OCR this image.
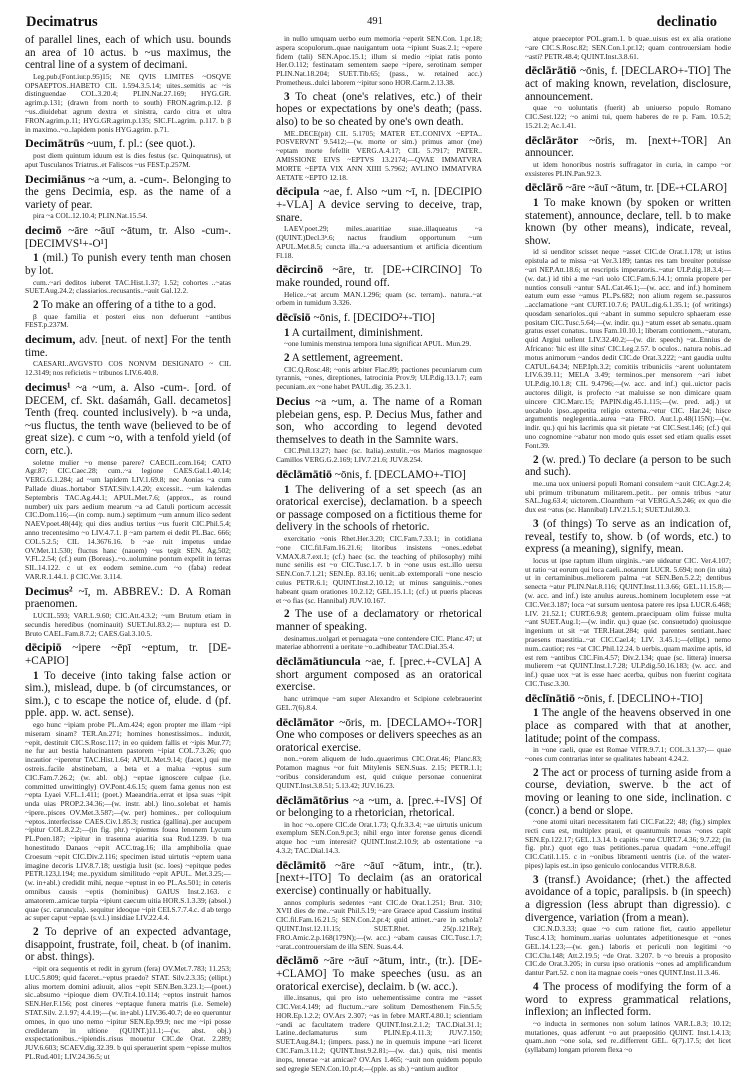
Decimatrus	491	declinatio

of parallel lines, each of which usu. bounds an area of 10 actus. b ~us maximus, the central line of a system of decimani.

Leg.pub.(Font.iur.p.95)15; NE QVIS LIMITES ~OSQVE OPSAEPTOS..HABETO CIL 1.594.3.5.14; uites..semitis ac ~is distinguendae COL.3.20.4; PLIN.Nat.27.169; HYG.GR. agrim.p.131; (drawn from north to south) FRON.agrim.p.12. β ~us..diuidebat agrum dextra et sinistra, cardo citra et ultra FRON.agrim.p.11; HYG.GR.agrim.p.135; SIC.FL.agrim. p.117. b β in maximo..~o..lapidem ponis HYG.agrim. p.71.

Decimātrūs ~uum, f. pl.: (see quot.).

post diem quintum iduum est is dies festus (sc. Quinquatrus), ut aput Tusculanos Triatrus..et Faliscos ~us FEST.p.257M.

Decimiānus ~a ~um, a. -cum-. Belonging to the gens Decimia, esp. as the name of a variety of pear.

pira ~a COL.12.10.4; PLIN.Nat.15.54.

decimō ~āre ~āuī ~ātum, tr. Also -cum-. [DECIMVS¹+-O¹]

1 (mil.) To punish every tenth man chosen by lot.

cum..~ari deditos iuberet TAC.Hist.1.37; 1.52; cohortes ..~atas SUET.Aug.24.2; classiarios..recusantis..~auit Gal.12.2.

2 To make an offering of a tithe to a god.

β quae familia et posteri eius non defuerunt ~antibus FEST.p.237M.

decimum, adv. [neut. of next] For the tenth time.

CAESARI..AVGVSTO COS NONVM DESIGNATO ~ CIL 12.3149; nos reficietis ~ tribunos LIV.6.40.8.

decimus¹ ~a ~um, a. Also -cum-. [ord. of DECEM, cf. Skt. daśamáh, Gall. decametos] Tenth (freq. counted inclusively). b ~a unda, ~us fluctus, the tenth wave (believed to be of great size). c cum ~o, with a tenfold yield (of corn, etc.).

soletne mulier ~o mense parere? CAECIL.com.164; CATO Agr.87; CIC.Caec.28; cum..~a legione CAES.Gal.1.40.14; VERG.G.1.284; ad ~um lapidem LIV.1.69.8; nec Aonias ~a cum Pallade diuas..hortabor STAT.Silv.1.4.20; excessit.. ~um kalendas Septembris TAC.Ag.44.1; APUL.Met.7.6; (approx., as round number) uix pars aedium mearum ~a ad Catuli porticum accessit CIC.Dom.116;—(in comp. num.) septimum ~um annum ilico sedent NAEV.poet.48(44); qui dies audius tertius ~us fuerit CIC.Phil.5.4; anno trecentesimo ~o LIV.4.7.1. β ~am partem ei dedit PL.Bac. 666; COL.5.2.5; CIL 14.3676.16. b ~ae ruit impetus undae OV.Met.11.530; fluctus hanc (nauem) ~us tegit SEN. Ag.502; V.FL.2.54; (cf.) eum (Boreas)..~o..uolumine pontum expelit in terras SIL.14.122. c ut ex eodem semine..cum ~o (faba) redeat VAR.R.1.44.1. β CIC.Ver. 3.114.

Decimus² ~ī, m. ABBREV.: D. A Roman praenomen.

LUCIL.593; VAR.L.9.60; CIC.Att.4.3.2; ~um Brutum etiam in secundis heredibus (nominauit) SUET.Jul.83.2;— nuptura est D. Bruto CAEL.Fam.8.7.2; CAES.Gal.3.10.5.

dēcipiō ~ipere ~ēpī ~eptum, tr. [DE-+CAPIO]

1 To deceive (into taking false action or sim.), mislead, dupe. b (of circumstances, or sim.), c to escape the notice of, elude. d (pf. pple. app. w. act. sense).

ego hunc ~ipiam probe PL.Am.424; egon propter me illam ~ipi miseram sinam? TER.An.271; homines honestissimos.. induxit, ~epit, destituit CIC.S.Rosc.117; in eo quidem fallis et ~ipis Mur.77; ne fur aut bestia halucinantem pastorem ~ipiat COL.7.3.26; quo incautior ~iperetur TAC.Hist.1.64; APUL.Met.9.14; (facet.) qui me ostreis..facile abstinebam, a beta et a malua ~eptus sum CIC.Fam.7.26.2; (w. abl. obj.) ~eptae ignoscere culpae (i.e. committed unwittingly) OV.Pont.4.6.15; quem fama genus non est ~epta Lyaei V.FL.1.411; (poet.) Maeandria..errat et ipsa suas ~ipit unda uias PROP.2.34.36;—(w. instr. abl.) lino..solebat et hamis ~ipere..pisces OV.Met.3.587;—(w. per) homines.. per colloquium ~eptos..interfecisse CAES.Civ.1.85.3; rustica (gallina)..per aucupem ~ipitur COL.8.2.2;—(in fig. phr.) ~ipiemus fouea lenonem Lycum PL.Poen.187; ~ipitur in trasenna auaritia sua Rud.1239. b tua honestitudo Danaos ~epit ACC.trag.16; illa amphibolia quae Croesum ~epit CIC.Div.2.116; specimen istud uirtutis ~eptem uana imagine decoris LIV.8.7.18; uestigia lusit (sc. loes) ~epitque pedes PETR.123,l.194; me..pyxidum similitudo ~epit APUL. Met.3.25;—(w. in+abl.) credidit mihi, neque ~eptust in eo PL.As.501; in ceteris omnibus causis ~eptis (hominibus) GAIUS Inst.2.163. c amatorem..amicae turpia ~ipiunt caecum uitia HOR.S.1.3.39; (absol.) quae (sc. caruncula).. sequitur ideoque ~ipit CELS.7.7.4.c. d ab tergo ac super caput ~eptae (s.v.l.) insidiae LIV.22.4.4.

2 To deprive of an expected advantage, disappoint, frustrate, foil, cheat. b (of inanim. or abst. things).

~ipit ora sequentis et redit in gyrum (fera) OV.Met.7.783; 11.253; LUC.5.809; quid faceret..~eptus praedo? STAT. Silv.2.3.35; (ellipt.) alius mortem domini adiuuit, alios ~epit SEN.Ben.3.23.1;—(poet.) sic..absumo ~ipioque diem OV.Tr.4.10.114; ~eptos instruit hamos SEN.Her.F.156; post cineres ~eptaque funera matris (i.e. Semele) STAT.Silv. 2.1.97; 4.4.19;—(w. in+abl.) LIV.36.40.7; de eo queruntur omnes, in quo uno nemo ~ipitur SEN.Ep.99.9; nec me ~ipi posse credideram in ultione (QUINT.)11.1;—(w. abst. obj.) exspectationibus..~ipiendis..risus mouetur CIC.de Orat. 2.289; JUV.6.603; SCAEV.dig.32.39. b qui sperauerint spem ~episse multos PL.Rud.401; LIV.24.36.5; ut

in nullo umquam uerbo eum memoria ~eperit SEN.Con. 1.pr.18; aspera scopulorum..quae nauigantum uota ~ipiunt Suas.2.1; ~epere fidem (tali) SEN.Apoc.15.1; illum si medio ~ipiat ratis ponto Her.O.112; festinatam sementem saepe ~ipere, serotinam semper PLIN.Nat.18.204; SUET.Tib.65; (pass., w. retained acc.) Prometheus..dulci laborem ~ipitur sono HOR.Carm.2.13.38.

3 To cheat (one's relatives, etc.) of their hopes or expectations by one's death; (pass. also) to be so cheated by one's own death.

ME..DECE(pit) CIL 5.1705; MATER ET..CONIVX ~EPTA.. POSVERVNT 9.5412;—(w. morte or sim.) primus amor (me) ~eptam morte fefellit VERG.A.4.17; CIL 5.7917; PATER.. AMISSIONE EIVS ~EPTVS 13.2174;—QVAE IMMATVRA MORTE ~EPTA VIX ANN XIIII 5.7962; AVLINO IMMATVRA AETATE ~EPTO 12.18.

dēcipula ~ae, f. Also ~um ~ī, n. [DECIPIO +-VLA] A device serving to deceive, trap, snare.

LAEV.poet.29; miles..auaritiae suae..illaqueatus ~a (QUINT.)Decl.3ᵇ.6; nactus fraudium opportunum ~um APUL.Met.8.5; cuncta illa..~a aduersantium et artificia dicentium Fl.18.

dēcircinō ~āre, tr. [DE-+CIRCINO] To make rounded, round off.

Helice..~at arcum MAN.1.296; quam (sc. terram).. natura..~at orbem in tumidum 3.326.

dēcīsiō ~ōnis, f. [DECIDO²+-TIO]

1 A curtailment, diminishment.

~one luminis menstrua tempora luna significat APUL. Mun.29.

2 A settlement, agreement.

CIC.Q.Rosc.48; ~onis arbiter Flac.89; pactiones pecuniarum cum tyrannis, ~ones, direptiones, latrocinia Prov.9; ULP.dig.13.1.7; eam pecuniam..ex ~one habet PAUL.dig. 35.2.3.1.

Decius ~a ~um, a. The name of a Roman plebeian gens, esp. P. Decius Mus, father and son, who according to legend devoted themselves to death in the Samnite wars.

CIC.Phil.13.27; haec (sc. Italia)..extulit..~os Marios magnosque Camillos VERG.G.2.169; LIV.7.21.6; JUV.8.254.

dēclāmātiō ~ōnis, f. [DECLAMO+-TIO]

1 The delivering of a set speech (as an oratorical exercise), declamation. b a speech or passage composed on a fictitious theme for delivery in the schools of rhetoric.

exercitatio ~onis Rhet.Her.3.20; CIC.Fam.7.33.1; in cotidiana ~one CIC.fil.Fam.16.21.6; litoribus insistens ~ones..edebat V.MAX.8.7.ext.1; (cf.) haec (sc. the teaching of philosophy) mihi nunc senilis est ~o CIC.Tusc.1.7. b in ~one usus est..illo uersu SEN.Con.7.1.21; SEN.Ep. 83.16; uenit..ab extemporali ~one nescio cuius PETR.6.1; QUINT.Inst.2.10.12; ut minus sanguinis..~ones habeant quam orationes 10.2.12; GEL.15.1.1; (cf.) ut pueris placeas et ~o fias (sc. Hannibal) JUV.10.167.

2 The use of a declamatory or rhetorical manner of speaking.

desinamus..uolgari et peruagata ~one contendere CIC. Planc.47; ut materiae abhorrenti a ueritate ~o..adhibeatur TAC.Dial.35.4.

dēclāmātiuncula ~ae, f. [prec.+-CVLA] A short argument composed as an oratorical exercise.

hanc utrimque ~am super Alexandro et Scipione celebrauerint GEL.7(6).8.4.

dēclāmātor ~ōris, m. [DECLAMO+-TOR] One who composes or delivers speeches as an oratorical exercise.

non..~orem aliquem de ludo..quaerimus CIC.Orat.46; Planc.83; Potamon magnus ~or fuit Mitylenis SEN.Suas. 2.15; PETR.1.1; ~oribus considerandum est, quid cuique personae conuenirat QUINT.Inst.3.8.51; 5.13.42; JUV.16.23.

dēclāmātōrius ~a ~um, a. [prec.+-IVS] Of or belonging to a rhetorician, rhetorical.

in hoc ~o..opere CIC.de Orat.1.73; Q.fr.3.3.4; ~ae uirtutis unicum exemplum SEN.Con.9.pr.3; nihil ergo inter forense genus dicendi atque hoc ~um interesit? QUINT.Inst.2.10.9; ab ostentatione ~a 4.3.2; TAC.Dial.14.3.

dēclāmitō ~āre ~āuī ~ātum, intr., (tr.). [next+-ITO] To declaim (as an oratorical exercise) continually or habitually.

annos compluris sedentes ~ant CIC.de Orat.1.251; Brut. 310; XVII dies de me..~auit Phil.5.19; ~are Graece apud Cassium institui CIC.fil.Fam.16.21.5; SEN.Con.2.pr.4; quid attinet..~are in schola? QUINT.Inst.12.11.15; SUET.Rhet. 25(p.121Re); FRO.Amic.2.p.168(179N);—(w. acc.) ~abam causas CIC.Tusc.1.7; ~arat..controuersiam de illa SEN. Suas.4.4.

dēclāmō ~āre ~āuī ~ātum, intr., (tr.). [DE-+CLAMO] To make speeches (usu. as an oratorical exercise), declaim. b (w. acc.).

ille..insanus, qui pro isto uehementissime contra me ~asset CIC.Ver.4.149; ad fluctum..~are solitum Demosthenem Fin.5.5; HOR.Ep.1.2.2; OV.Ars 2.307; ~as in febre MART.4.80.1; scientiam ~andi ac facultatem tradere QUINT.Inst.2.1.2; TAC.Dial.31.1; Latine..declamaturus sum PLIN.Ep.4.11.3; JUV.7.150; SUET.Aug.84.1; (impers. pass.) ne in quemuis impune ~ari liceret CIC.Fam.3.11.2; QUINT.Inst.9.2.81;—(w. dat.) quis, nisi mentis inops, tenerae ~at amicae? OV.Ars 1.465; ~auit non quidem populo sed egregie SEN.Con.10.pr.4;—(pple. as sb.) ~antium auditor

atque praeceptor POL.gram.1. b quae..uisus est ex alia oratione ~are CIC.S.Rosc.82; SEN.Con.1.pr.12; quam controuersiam hodie ~asti? PETR.48.4; QUINT.Inst.3.8.61.

dēclārātiō ~ōnis, f. [DECLARO+-TIO] The act of making known, revelation, disclosure, announcement.

quae ~o uoluntatis (fuerit) ab uniuerso populo Romano CIC.Sest.122; ~o animi tui, quem haberes de re p. Fam. 10.5.2; 15.21.2; Ac.1.41.

dēclārātor ~ōris, m. [next+-TOR] An announcer.

ut idem honoribus nostris suffragator in curia, in campo ~or exsisteres PLIN.Pan.92.3.

dēclārō ~āre ~āuī ~ātum, tr. [DE-+CLARO]

1 To make known (by spoken or written statement), announce, declare, tell. b to make known (by other means), indicate, reveal, show.

id si uenditor scisset neque ~asset CIC.de Orat.1.178; ut istius epistula ad te missa ~at Ver.3.189; tantas res tam breuiter potuisse ~ari NEP.Att.18.6; ut rescriptis imperatoris..~atur ULP.dig.18.3.4;—(w. dat.) id tibi a me ~ari uolo CIC.Fam.6.14.1; omnia propere per nuntios consuli ~antur SAL.Cat.46.1;—(w. acc. and inf.) hominem eatum eum esse ~amus PL.Ps.682; non alium regem se..passuros ..acclamatione ~ant CURT.10.7.6; PAUL.dig.6.1.35.1; (of writings) quosdam senariolos..qui ~abant in summo sepulcro sphaeram esse positam CIC.Tusc.5.64;—(w. indir. qu.) ~atum esset ab senatu..quam gratus esset conatus.. tuus Fam.10.10.1; liberam contionem..~aturam, quid Argiui uellent LIV.32.40.2;—(w. dir. speech) ~at..Ennius de Africano: 'hic est ille situs' CIC.Leg.2.57. b oculos.. natura nobis..ad motus animorum ~andos dedit CIC.de Orat.3.222; ~ant gaudia uultu CATUL.64.34; NEP.Iph.3.2; comitiis tribuniciis ~arent uoluntatem LIV.6.39.11; MELA 3.49; terminos..per mensorem ~ari iubet ULP.dig.10.1.8; CIL 9.4796;—(w. acc. and inf.) qui..uictor pacis auctores diligit, is profecto ~at maluisse se non dimicare quam uincere CIC.Marc.15; PAPIN.dig.45.1.115;—(w. pred. adj.) ut uocabulo ipso..appetita religio externa..~etur CIC. Har.24; hisce argumentis neglegentia..aurea ~ata FRO. Aur.1.p.48(115N);—(w. indir. qu.) qui his lacrimis qua sit pietate ~at CIC.Sest.146; (cf.) qui uno cognomine ~abatur non modo quis esset sed etiam qualis esset Font.39.

2 (w. pred.) To declare (a person to be such and such).

me..una uox uniuersi populi Romani consulem ~auit CIC.Agr.2.4; ubi primum tribunatum militarem..petit.. per omnis tribus ~atur SAL.Jug.63.4; uictorem..Cloanthum ~at VERG.A.5.246; ex quo die dux est ~atus (sc. Hannibal) LIV.21.5.1; SUET.Jul.80.3.

3 (of things) To serve as an indication of, reveal, testify to, show. b (of words, etc.) to express (a meaning), signify, mean.

locus ut ipse raptum illum uirginis..~are uideatur CIC. Ver.4.107; ut ratio ~at eorum qui loca caeli..notarunt LUCR. 5.694; non (in uita) ut in certaminibus..meliorem palma ~at SEN.Ben.5.2.2; dentibus senecta ~atur PLIN.Nat.8.116; QUINT.Inst.11.3.66; GEL.11.15.8;—(w. acc. and inf.) iste anulus aureus..hominem locupletem esse ~at CIC.Ver.3.187; loca ~at sursum uentosa patere res ipsa LUCR.6.468; LIV. 21.52.1; CURT.6.9.8; gentem..praecipuam olim fuisse multa ~ant SUET.Aug.1;—(w. indir. qu.) quae (sc. consuetudo) quoiusque ingenium ut sit ~at TER.Haut.284; quid parentes sentiant..haec praesens maestitia..~at CIC.Cael.4; LIV. 3.45.1;—(ellipt.) nemo num..cautior; res ~at CIC.Phil.12.24. b uerbis..quam maxime aptis, id est rem ~antibus CIC.Fin.4.57; Div.2.134; quae (sc. littera) inuersa mulierem ~at QUINT.Inst.1.7.28; ULP.dig.50.16.183; (w. acc. and inf.) quae uox ~at is esse haec acerba, quibus non fuerint cogitata CIC.Tusc.3.30.

dēclīnātiō ~ōnis, f. [DECLINO+-TIO]

1 The angle of the heavens observed in one place as compared with that at another, latitude; point of the compass.

in ~one caeli, quae est Romae VITR.9.7.1; COL.3.1.37;— quae ~ones cum contrarias inter se qualitates habeant 4.24.2.

2 The act or process of turning aside from a course, deviation, swerve. b the act of moving or leaning to one side, inclination. c (concr.) a bend or slope.

~one atomi uitari necessitatem fati CIC.Fat.22; 48; (fig.) simplex recti cura est, multiplex praui, et quantumuis nouas ~ones capit SEN.Ep.122.17; GEL.1.3.14. b capitis ~one CURT.7.4.36; 9.7.22; (in fig. phr.) quot ego tuas petitiones..parua quadam ~one..effugi! CIC.Catil.1.15. c in ~onibus libramenti uentris (i.e. of the water-pipes) lapis est..in ipso geniculo conlocandus VITR.8.6.8.

3 (transf.) Avoidance; (rhet.) the affected avoidance of a topic, paralipsis. b (in speech) a digression (less abrupt than digressio). c divergence, variation (from a mean).

CIC.N.D.3.33; quae ~o cum ratione fiet, cautio appelletur Tusc.4.13; hominum..uarias uoluntates adpetitionesque et ~ones GEL.14.1.23;—(w. gen.) laboris et periculi non legitimi ~o CIC.Clu.148; Att.2.19.5; ~de Orat. 3.207. b ~o breuis a proposito CIC.de Orat.3.205; in cursu ipso orationis ~ones ad amplificandum dantur Part.52. c non ita magnae coeis ~ones QUINT.Inst.11.3.46.

4 The process of modifying the form of a word to express grammatical relations, inflexion; an inflected form.

~o inducta in sermones non solum latinos VAR.L.8.3; 10.12; mutationes, quas adferunt ~o aut praepositio QUINT. Inst.1.4.13; quam..non ~one sola, sed re..differrent GEL. 6(7).17.5; det licet (syllabam) longam priorem flexa ~o
